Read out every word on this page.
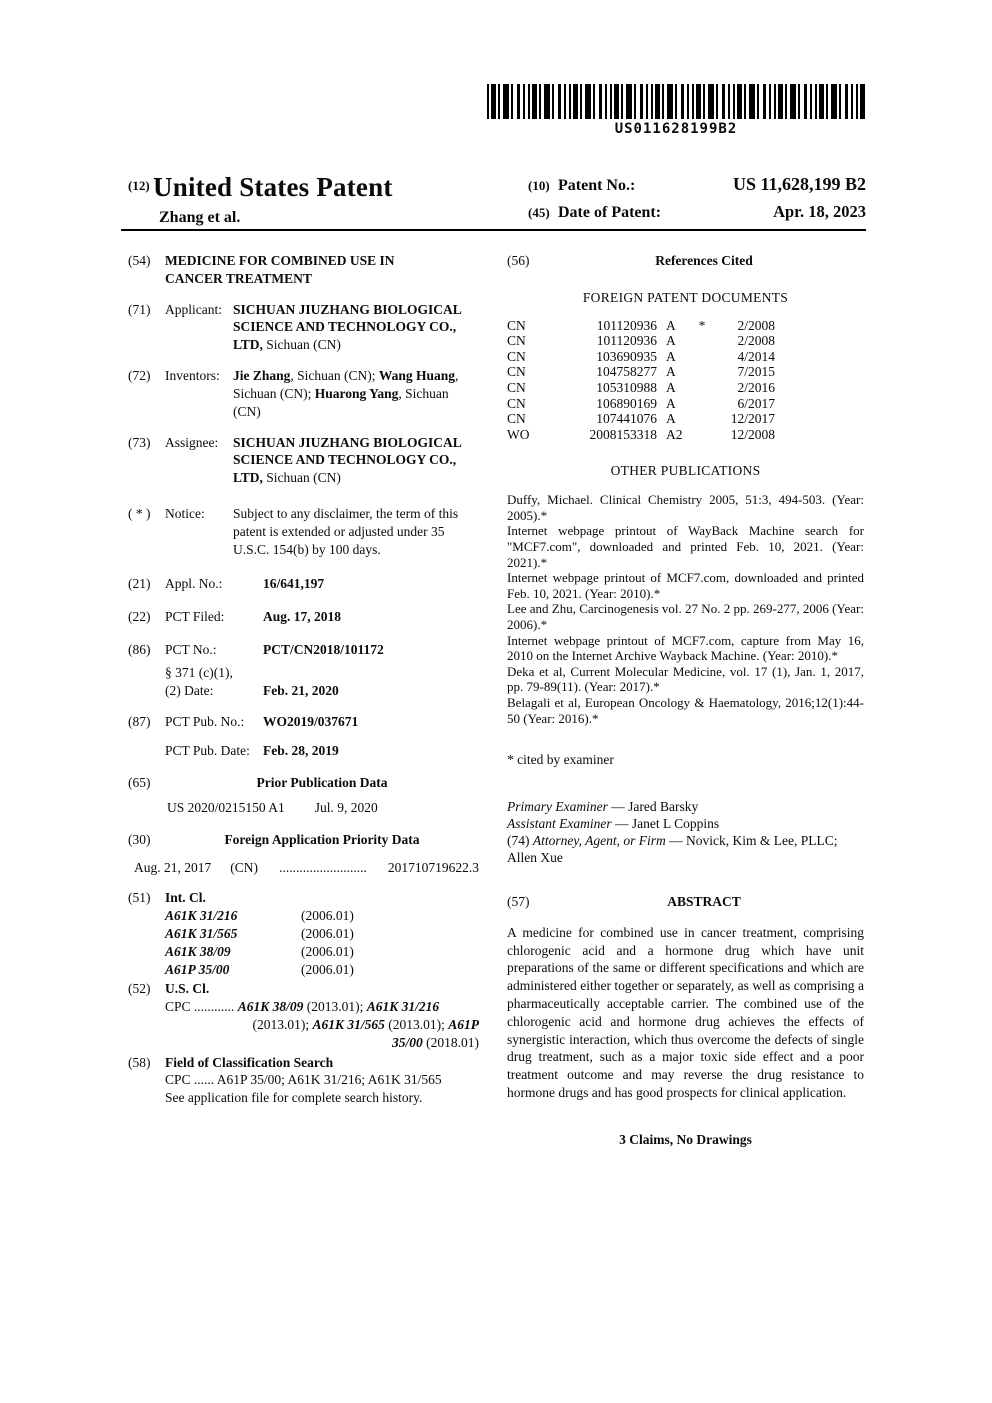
US011628199B2
(12) United States Patent
Zhang et al.
(10) Patent No.:	US 11,628,199 B2
(45) Date of Patent:	Apr. 18, 2023
(54)	MEDICINE FOR COMBINED USE IN CANCER TREATMENT
(71)	Applicant: SICHUAN JIUZHANG BIOLOGICAL SCIENCE AND TECHNOLOGY CO., LTD, Sichuan (CN)
(72)	Inventors: Jie Zhang, Sichuan (CN); Wang Huang, Sichuan (CN); Huarong Yang, Sichuan (CN)
(73)	Assignee:	SICHUAN JIUZHANG BIOLOGICAL SCIENCE AND TECHNOLOGY CO., LTD, Sichuan (CN)
( * )	Notice:	Subject to any disclaimer, the term of this patent is extended or adjusted under 35 U.S.C. 154(b) by 100 days.
(21)	Appl. No.:	16/641,197
(22)	PCT Filed:	Aug. 17, 2018
(86)	PCT No.:	PCT/CN2018/101172
§ 371 (c)(1),
(2) Date:	Feb. 21, 2020
(87)	PCT Pub. No.:	WO2019/037671
PCT Pub. Date: Feb. 28, 2019
(65)	Prior Publication Data
US 2020/0215150 A1 Jul. 9, 2020
(30)	Foreign Application Priority Data
Aug. 21, 2017 (CN)	..........................	201710719622.3
(51)	Int. Cl.
A61K 31/216	(2006.01)
A61K 31/565	(2006.01)
A61K 38/09	(2006.01)
A61P 35/00	(2006.01)
(52)	U.S. Cl.
CPC ............ A61K 38/09 (2013.01); A61K 31/216
(2013.01); A61K 31/565 (2013.01); A61P
35/00 (2018.01)
(58)	Field of Classification Search
CPC ...... A61P 35/00; A61K 31/216; A61K 31/565
See application file for complete search history.
(56)	References Cited
FOREIGN PATENT DOCUMENTS
CN	101120936 A	*	2/2008
CN	101120936 A	2/2008
CN	103690935 A	4/2014
CN	104758277 A	7/2015
CN	105310988 A	2/2016
CN	106890169 A	6/2017
CN	107441076 A	12/2017
WO	2008153318 A2	12/2008
OTHER PUBLICATIONS

Duffy, Michael. Clinical Chemistry 2005, 51:3, 494-503. (Year: 2005).*

Internet webpage printout of WayBack Machine search for "MCF7.com", downloaded and printed Feb. 10, 2021. (Year: 2021).*

Internet webpage printout of MCF7.com, downloaded and printed Feb. 10, 2021. (Year: 2010).*

Lee and Zhu, Carcinogenesis vol. 27 No. 2 pp. 269-277, 2006 (Year: 2006).*

Internet webpage printout of MCF7.com, capture from May 16, 2010 on the Internet Archive Wayback Machine. (Year: 2010).*

Deka et al, Current Molecular Medicine, vol. 17 (1), Jan. 1, 2017, pp. 79-89(11). (Year: 2017).*

Belagali et al, European Oncology & Haematology, 2016;12(1):44-50 (Year: 2016).*

* cited by examiner
Primary Examiner — Jared Barsky
Assistant Examiner — Janet L Coppins
(74) Attorney, Agent, or Firm — Novick, Kim & Lee, PLLC; Allen Xue
(57)	ABSTRACT
A medicine for combined use in cancer treatment, comprising chlorogenic acid and a hormone drug which have unit preparations of the same or different specifications and which are administered either together or separately, as well as comprising a pharmaceutically acceptable carrier. The combined use of the chlorogenic acid and hormone drug achieves the effects of synergistic interaction, which thus overcome the defects of single drug treatment, such as a major toxic side effect and a poor treatment outcome and may reverse the drug resistance to hormone drugs and has good prospects for clinical application.
3 Claims, No Drawings
